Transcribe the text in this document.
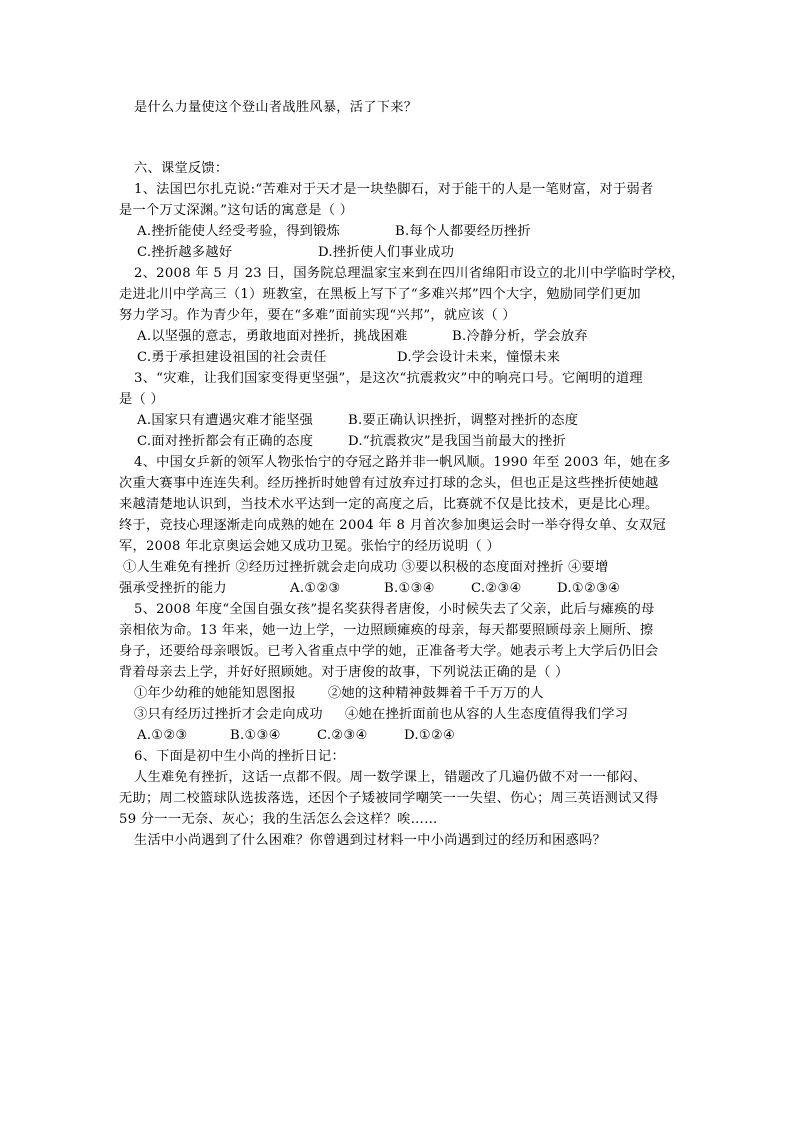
是什么力量使这个登山者战胜风暴，活了下来？
六、课堂反馈：
1、法国巴尔扎克说:“苦难对于天才是一块垫脚石，对于能干的人是一笔财富，对于弱者
是一个万丈深渊。”这句话的寓意是（ ）
A.挫折能使人经受考验，得到锻炼	B.每个人都要经历挫折
C.挫折越多越好	D.挫折使人们事业成功
2、2008 年 5 月 23 日，国务院总理温家宝来到在四川省绵阳市设立的北川中学临时学校，
走进北川中学高三（1）班教室，在黑板上写下了“多难兴邦”四个大字，勉励同学们更加
努力学习。作为青少年，要在“多难”面前实现“兴邦”，就应该（ ）
A.以坚强的意志，勇敢地面对挫折，挑战困难	B.冷静分析，学会放弃
C.勇于承担建设祖国的社会责任	D.学会设计未来，憧憬未来
3、“灾难，让我们国家变得更坚强”，是这次“抗震救灾”中的响亮口号。它阐明的道理
是（ ）
A.国家只有遭遇灾难才能坚强	B.要正确认识挫折，调整对挫折的态度
C.面对挫折都会有正确的态度	D.“抗震救灾”是我国当前最大的挫折
4、中国女乒新的领军人物张怡宁的夺冠之路并非一帆风顺。1990 年至 2003 年，她在多
次重大赛事中连连失利。经历挫折时她曾有过放弃过打球的念头，但也正是这些挫折使她越
来越清楚地认识到，当技术水平达到一定的高度之后，比赛就不仅是比技术，更是比心理。
终于，竞技心理逐渐走向成熟的她在 2004 年 8 月首次参加奥运会时一举夺得女单、女双冠
军，2008 年北京奥运会她又成功卫冕。张怡宁的经历说明（ ）
①人生难免有挫折 ②经历过挫折就会走向成功 ③要以积极的态度面对挫折 ④要增
强承受挫折的能力	A.①②③	B.①③④	C.②③④	D.①②③④
5、2008 年度“全国自强女孩”提名奖获得者唐俊，小时候失去了父亲，此后与瘫痪的母
亲相依为命。13 年来，她一边上学，一边照顾瘫痪的母亲，每天都要照顾母亲上厕所、擦
身子，还要给母亲喂饭。已考入省重点中学的她，正准备考大学。她表示考上大学后仍旧会
背着母亲去上学，并好好照顾她。对于唐俊的故事，下列说法正确的是（ ）
①年少幼稚的她能知恩图报 ②她的这种精神鼓舞着千千万万的人
③只有经历过挫折才会走向成功 ④她在挫折面前也从容的人生态度值得我们学习
A.①②③	B.①③④	C.②③④	D.①②④
6、下面是初中生小尚的挫折日记：
人生难免有挫折，这话一点都不假。周一数学课上，错题改了几遍仍做不对一一郁闷、
无助；周二校篮球队选拔落选，还因个子矮被同学嘲笑一一失望、伤心；周三英语测试又得
59 分一一无奈、灰心；我的生活怎么会这样？唉……
生活中小尚遇到了什么困难？你曾遇到过材料一中小尚遇到过的经历和困惑吗？
